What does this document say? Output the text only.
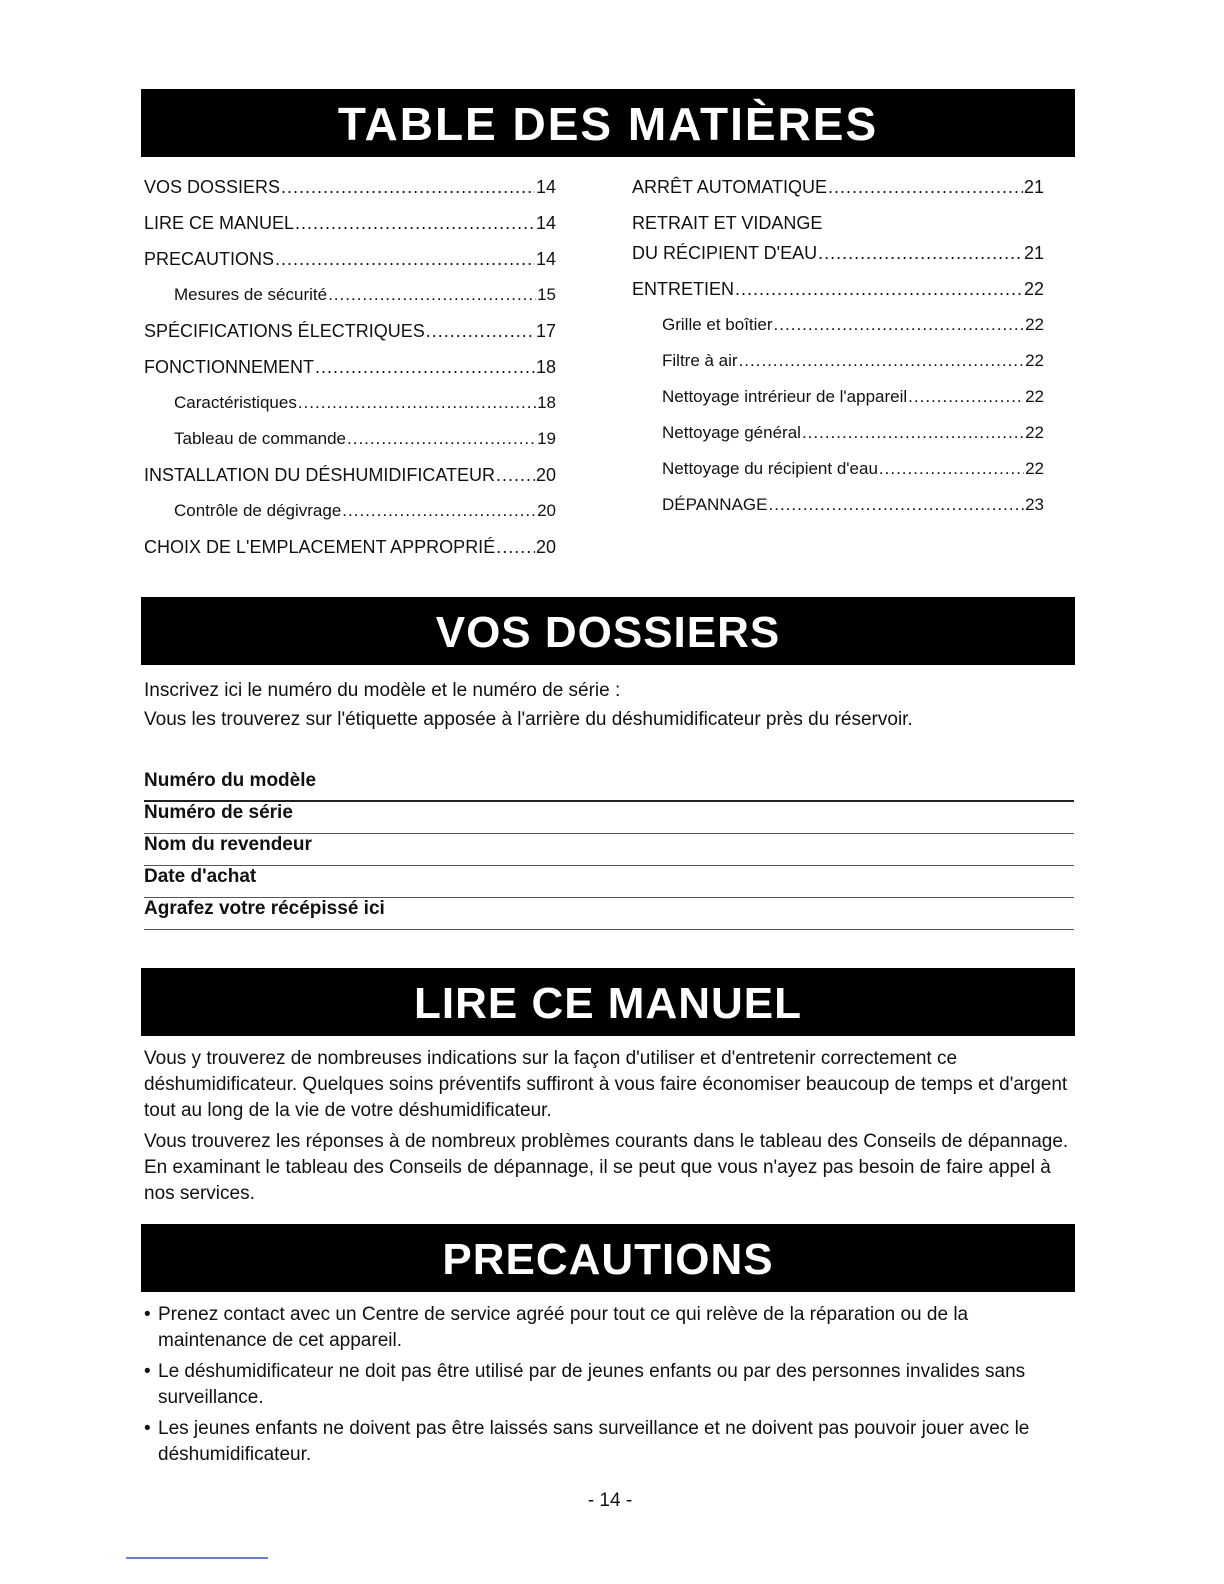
TABLE DES MATIÈRES
VOS DOSSIERS .....	14
LIRE CE MANUEL .....	14
PRECAUTIONS .....	14
Mesures de sécurité .....	15
SPÉCIFICATIONS ÉLECTRIQUES .....	17
FONCTIONNEMENT .....	18
Caractéristiques .....	18
Tableau de commande .....	19
INSTALLATION DU DÉSHUMIDIFICATEUR ..... 20
Contrôle de dégivrage .....	20
CHOIX DE L'EMPLACEMENT APPROPRIÉ ..... 20
ARRÊT AUTOMATIQUE .....	21
RETRAIT ET VIDANGE
DU RÉCIPIENT D'EAU .....	21
ENTRETIEN .....	22
Grille et boîtier .....	22
Filtre à air .....	22
Nettoyage intrérieur de l'appareil .....	22
Nettoyage général .....	22
Nettoyage du récipient d'eau .....	22
DÉPANNAGE .....	23
VOS DOSSIERS

Inscrivez ici le numéro du modèle et le numéro de série :

Vous les trouverez sur l'étiquette apposée à l'arrière du déshumidificateur près du réservoir.

Numéro du modèle
Numéro de série
Nom du revendeur
Date d'achat
Agrafez votre récépissé ici
LIRE CE MANUEL

Vous y trouverez de nombreuses indications sur la façon d'utiliser et d'entretenir correctement ce déshumidificateur. Quelques soins préventifs suffiront à vous faire économiser beaucoup de temps et d'argent tout au long de la vie de votre déshumidificateur.

Vous trouverez les réponses à de nombreux problèmes courants dans le tableau des Conseils de dépannage. En examinant le tableau des Conseils de dépannage, il se peut que vous n'ayez pas besoin de faire appel à nos services.

PRECAUTIONS

• Prenez contact avec un Centre de service agréé pour tout ce qui relève de la réparation ou de la maintenance de cet appareil.

• Le déshumidificateur ne doit pas être utilisé par de jeunes enfants ou par des personnes invalides sans surveillance.

• Les jeunes enfants ne doivent pas être laissés sans surveillance et ne doivent pas pouvoir jouer avec le déshumidificateur.

- 14 -
